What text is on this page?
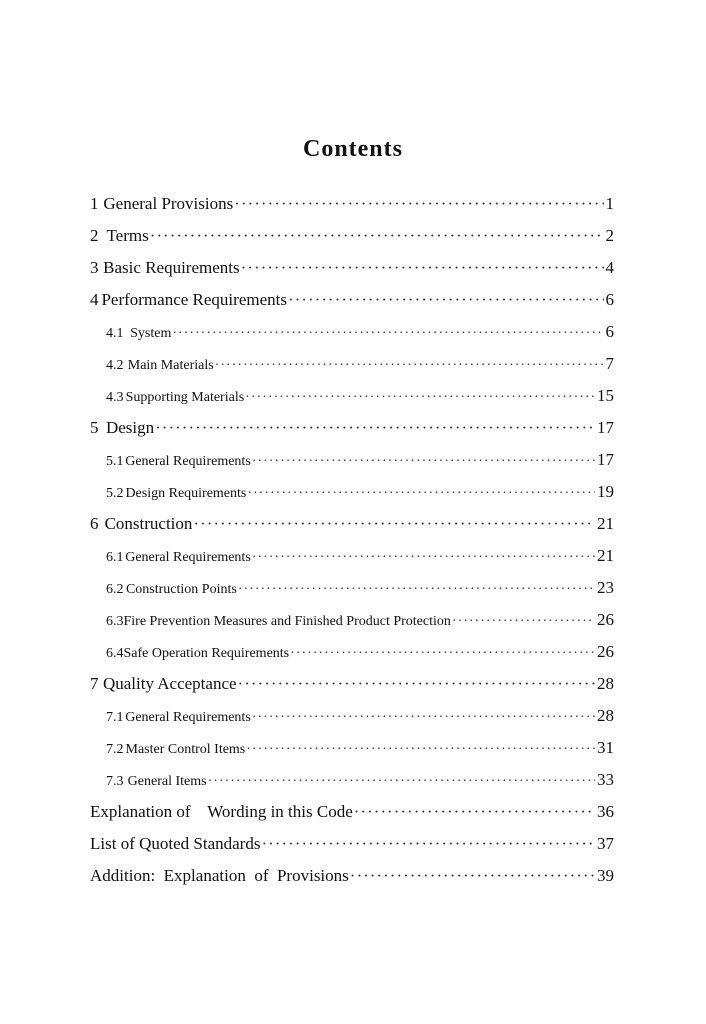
Contents
1 General Provisions ·····	1
2 Terms ·····	2
3 Basic Requirements ·····	4
4 Performance Requirements ·····	6
4.1 System ·····	6
4.2 Main Materials ·····	7
4.3 Supporting Materials ·····	15
5 Design ·····	17
5.1 General Requirements ·····	17
5.2 Design Requirements ·····	19
6 Construction ·····	21
6.1 General Requirements ·····	21
6.2 Construction Points ·····	23
6.3 Fire Prevention Measures and Finished Product Protection ·····	26
6.4 Safe Operation Requirements ·····	26
7 Quality Acceptance ·····	28
7.1 General Requirements ·····	28
7.2 Master Control Items ·····	31
7.3 General Items ·····	33
Explanation of    Wording in this Code ·····	36
List of Quoted Standards ·····	37
Addition:  Explanation  of  Provisions ·····	39
